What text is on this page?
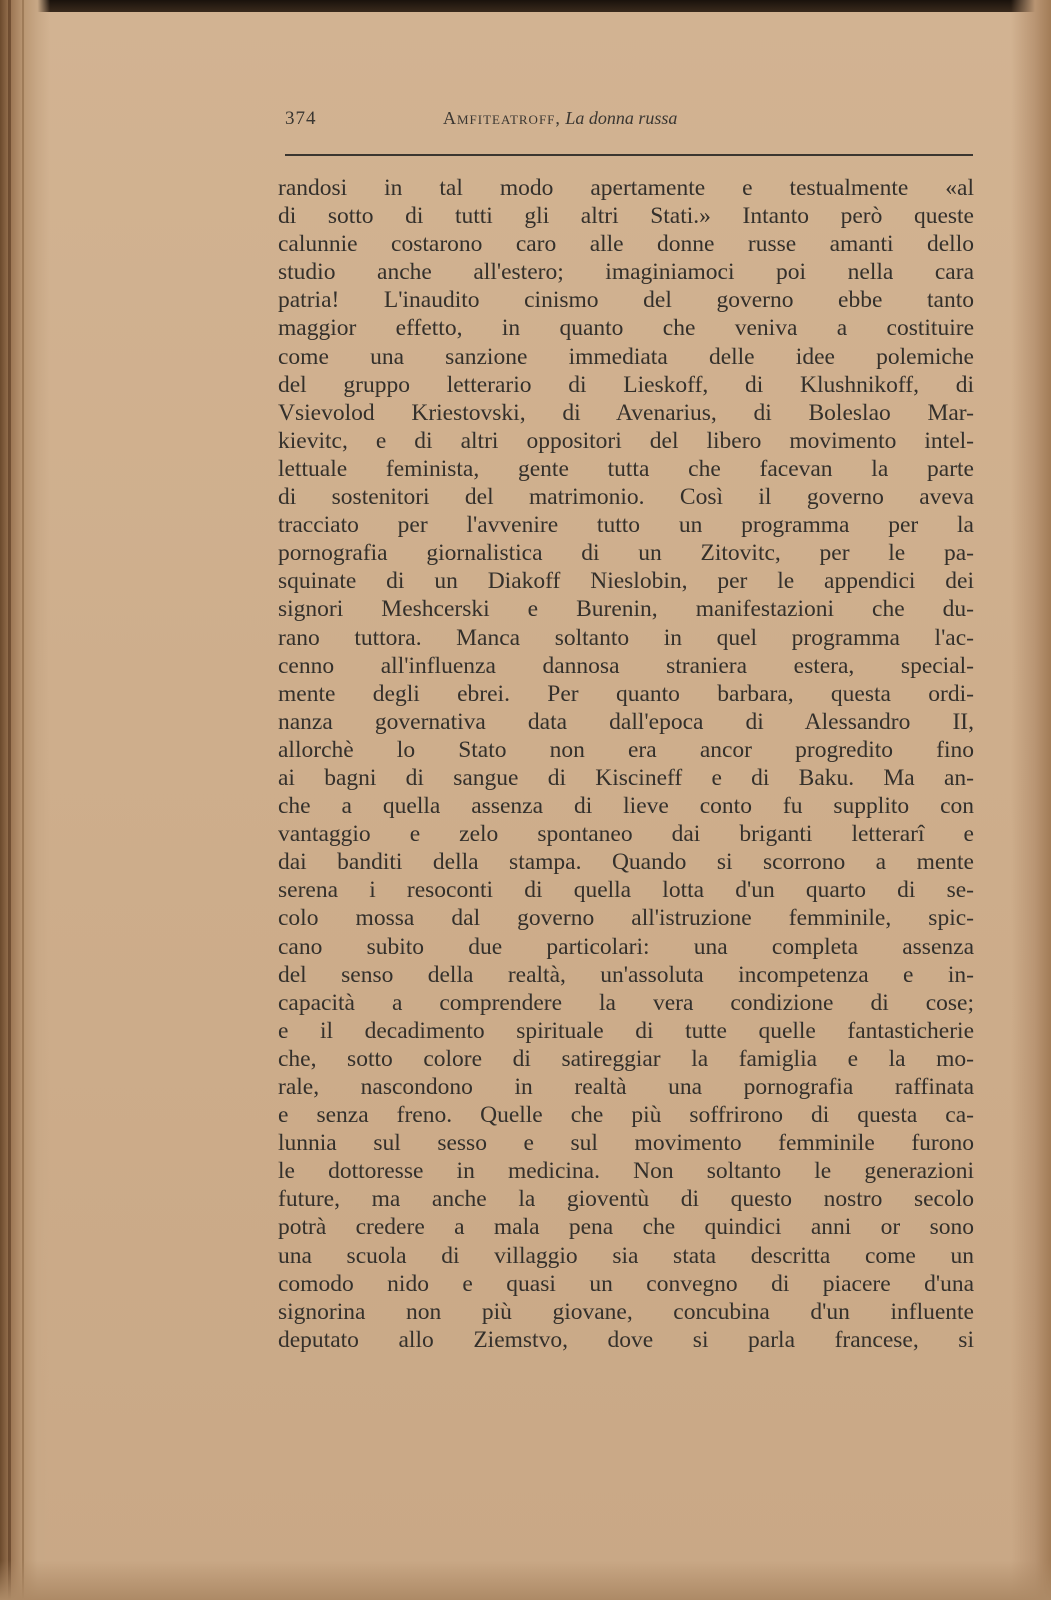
374	Amfiteatroff, La donna russa
randosi in tal modo apertamente e testualmente «al
di sotto di tutti gli altri Stati.» Intanto però queste
calunnie costarono caro alle donne russe amanti dello
studio anche all'estero; imaginiamoci poi nella cara
patria! L'inaudito cinismo del governo ebbe tanto
maggior effetto, in quanto che veniva a costituire
come una sanzione immediata delle idee polemiche
del gruppo letterario di Lieskoff, di Klushnikoff, di
Vsievolod Kriestovski, di Avenarius, di Boleslao Mar-
kievitc, e di altri oppositori del libero movimento intel-
lettuale feminista, gente tutta che facevan la parte
di sostenitori del matrimonio. Così il governo aveva
tracciato per l'avvenire tutto un programma per la
pornografia giornalistica di un Zitovitc, per le pa-
squinate di un Diakoff Nieslobin, per le appendici dei
signori Meshcerski e Burenin, manifestazioni che du-
rano tuttora. Manca soltanto in quel programma l'ac-
cenno all'influenza dannosa straniera estera, special-
mente degli ebrei. Per quanto barbara, questa ordi-
nanza governativa data dall'epoca di Alessandro II,
allorchè lo Stato non era ancor progredito fino
ai bagni di sangue di Kiscineff e di Baku. Ma an-
che a quella assenza di lieve conto fu supplito con
vantaggio e zelo spontaneo dai briganti letterarî e
dai banditi della stampa. Quando si scorrono a mente
serena i resoconti di quella lotta d'un quarto di se-
colo mossa dal governo all'istruzione femminile, spic-
cano subito due particolari: una completa assenza
del senso della realtà, un'assoluta incompetenza e in-
capacità a comprendere la vera condizione di cose;
e il decadimento spirituale di tutte quelle fantasticherie
che, sotto colore di satireggiar la famiglia e la mo-
rale, nascondono in realtà una pornografia raffinata
e senza freno. Quelle che più soffrirono di questa ca-
lunnia sul sesso e sul movimento femminile furono
le dottoresse in medicina. Non soltanto le generazioni
future, ma anche la gioventù di questo nostro secolo
potrà credere a mala pena che quindici anni or sono
una scuola di villaggio sia stata descritta come un
comodo nido e quasi un convegno di piacere d'una
signorina non più giovane, concubina d'un influente
deputato allo Ziemstvo, dove si parla francese, si
